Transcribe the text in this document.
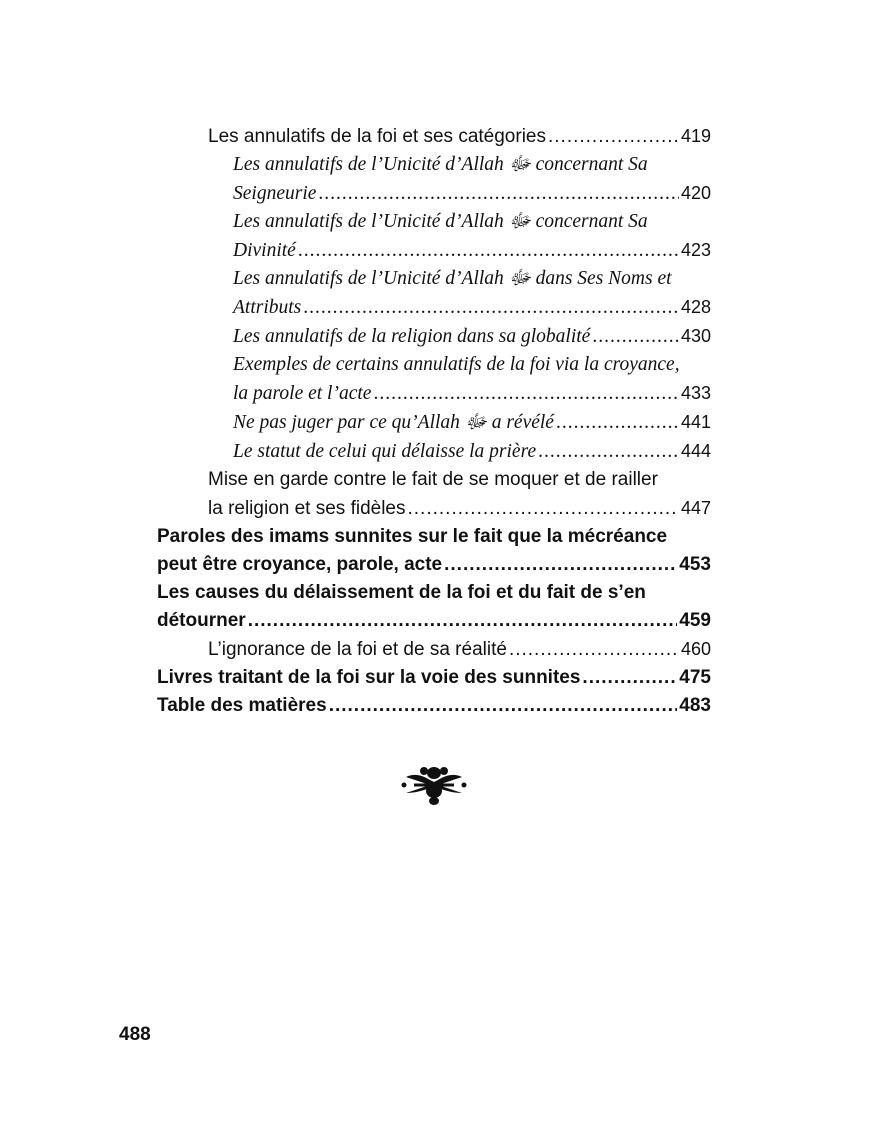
Les annulatifs de la foi et ses catégories .....	419
Les annulatifs de l’Unicité d’Allah ﷻ concernant Sa
Seigneurie .....	420
Les annulatifs de l’Unicité d’Allah ﷻ concernant Sa
Divinité .....	423
Les annulatifs de l’Unicité d’Allah ﷻ dans Ses Noms et
Attributs .....	428
Les annulatifs de la religion dans sa globalité .....	430
Exemples de certains annulatifs de la foi via la croyance,
la parole et l’acte .....	433
Ne pas juger par ce qu’Allah ﷻ a révélé .....	441
Le statut de celui qui délaisse la prière .....	444
Mise en garde contre le fait de se moquer et de railler
la religion et ses fidèles .....	447
Paroles des imams sunnites sur le fait que la mécréance
peut être croyance, parole, acte .....	453
Les causes du délaissement de la foi et du fait de s’en
détourner .....	459
L’ignorance de la foi et de sa réalité .....	460
Livres traitant de la foi sur la voie des sunnites .....	475
Table des matières .....	483
488
